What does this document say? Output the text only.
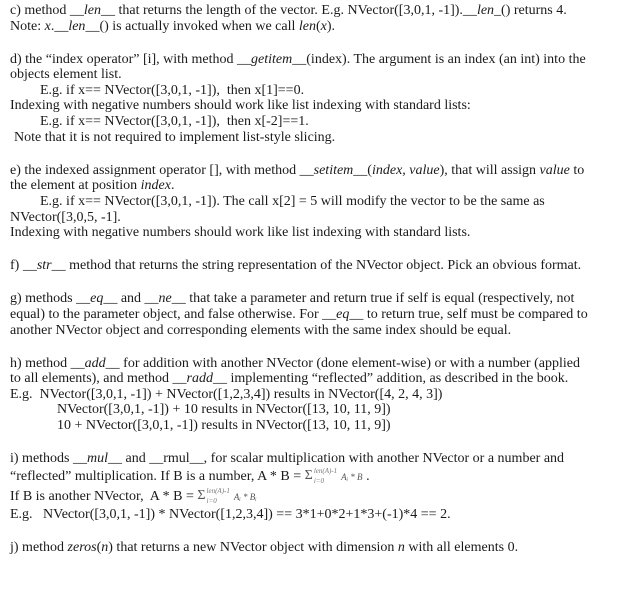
c) method __len__ that returns the length of the vector. E.g. NVector([3,0,1, -1]).__len_() returns 4.
Note: x.__len__() is actually invoked when we call len(x).
d) the “index operator” [i], with method __getitem__(index). The argument is an index (an int) into the
objects element list.
E.g. if x== NVector([3,0,1, -1]),  then x[1]==0.
Indexing with negative numbers should work like list indexing with standard lists:
E.g. if x== NVector([3,0,1, -1]),  then x[-2]==1.
Note that it is not required to implement list-style slicing.
e) the indexed assignment operator [], with method __setitem__(index, value), that will assign value to
the element at position index.
E.g. if x== NVector([3,0,1, -1]). The call x[2] = 5 will modify the vector to be the same as
NVector([3,0,5, -1].
Indexing with negative numbers should work like list indexing with standard lists.
f) __str__ method that returns the string representation of the NVector object. Pick an obvious format.
g) methods __eq__ and __ne__ that take a parameter and return true if self is equal (respectively, not
equal) to the parameter object, and false otherwise. For __eq__ to return true, self must be compared to
another NVector object and corresponding elements with the same index should be equal.
h) method __add__ for addition with another NVector (done element-wise) or with a number (applied
to all elements), and method __radd__ implementing “reflected” addition, as described in the book.
E.g.  NVector([3,0,1, -1]) + NVector([1,2,3,4]) results in NVector([4, 2, 4, 3])
NVector([3,0,1, -1]) + 10 results in NVector([13, 10, 11, 9])
10 + NVector([3,0,1, -1]) results in NVector([13, 10, 11, 9])
i) methods __mul__ and __rmul__, for scalar multiplication with another NVector or a number and
“reflected” multiplication. If B is a number, A * B = Σ len(A)-1
i=0	Aᵢ * B .
If B is another NVector,  A * B = Σ len(A)-1
i=0	Aᵢ * Bᵢ
E.g.   NVector([3,0,1, -1]) * NVector([1,2,3,4]) == 3*1+0*2+1*3+(-1)*4 == 2.
j) method zeros(n) that returns a new NVector object with dimension n with all elements 0.
